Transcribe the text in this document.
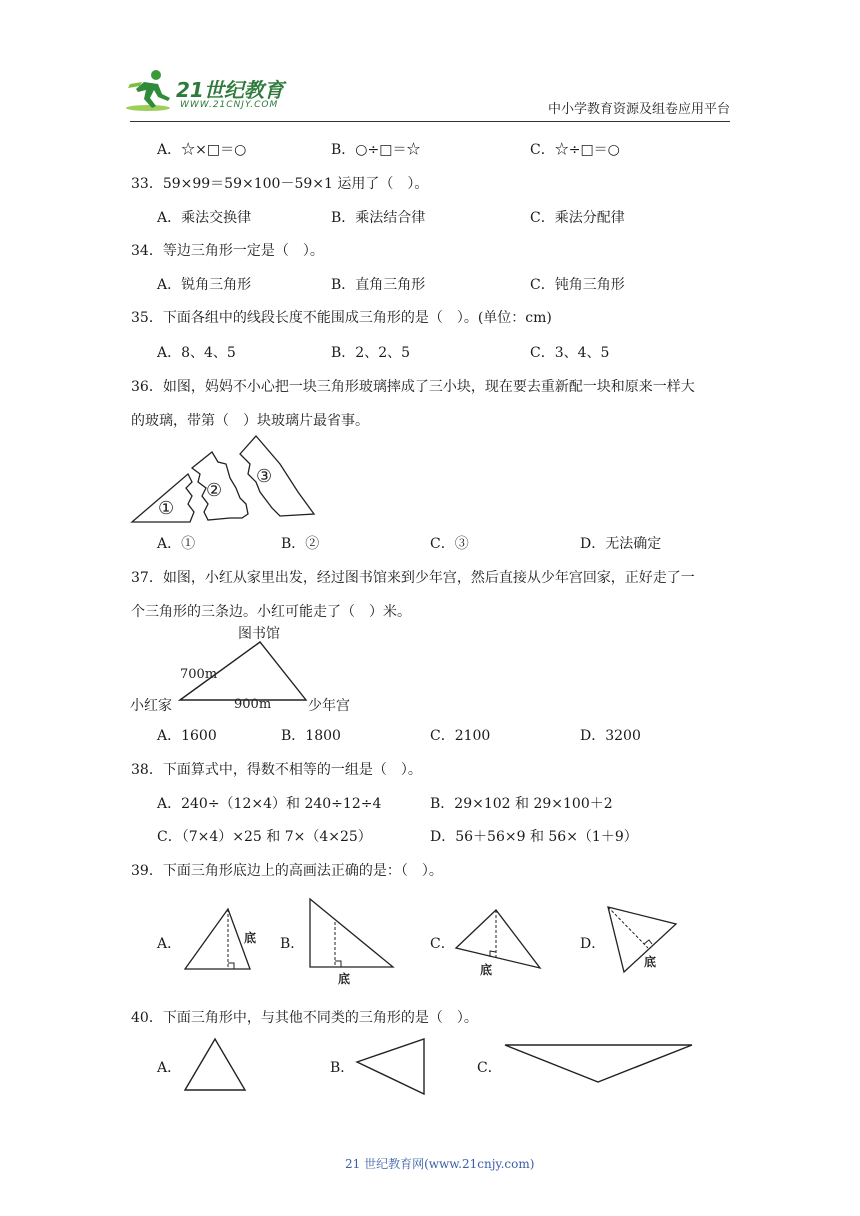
21世纪教育
WWW.21CNJY.COM	中小学教育资源及组卷应用平台
A．☆×□＝○	B．○÷□＝☆	C．☆÷□＝○
33．59×99＝59×100－59×1 运用了（　）。
A．乘法交换律	B．乘法结合律	C．乘法分配律
34．等边三角形一定是（　）。
A．锐角三角形	B．直角三角形	C．钝角三角形
35．下面各组中的线段长度不能围成三角形的是（　）。(单位：cm)
A．8、4、5	B．2、2、5	C．3、4、5
36．如图，妈妈不小心把一块三角形玻璃摔成了三小块，现在要去重新配一块和原来一样大
的玻璃，带第（　）块玻璃片最省事。
①
②
③
A．①	B．②	C．③	D．无法确定
37．如图，小红从家里出发，经过图书馆来到少年宫，然后直接从少年宫回家，正好走了一
个三角形的三条边。小红可能走了（　）米。
图书馆
小红家	少年宫
700m
900m
A．1600	B．1800	C．2100	D．3200
38．下面算式中，得数不相等的一组是（　）。
A．240÷（12×4）和 240÷12÷4	B．29×102 和 29×100＋2
C．（7×4）×25 和 7×（4×25）	D．56＋56×9 和 56×（1＋9）
39．下面三角形底边上的高画法正确的是：（　）。
A．	底 B．
底
C．
底
D．
底
40．下面三角形中，与其他不同类的三角形的是（　）。
A．	B．	C．
21 世纪教育网(www.21cnjy.com)
